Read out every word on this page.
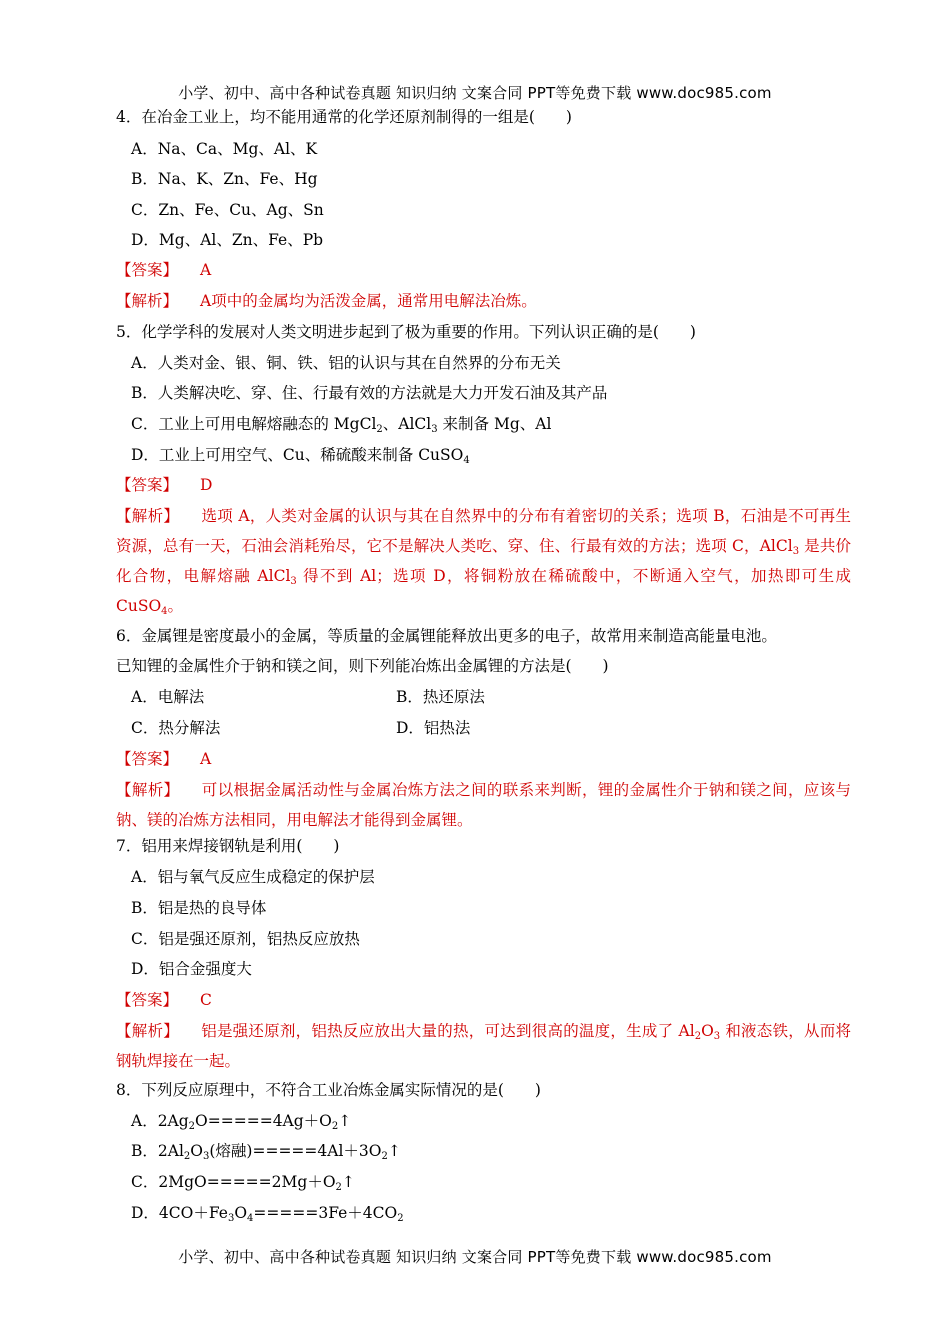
小学、初中、高中各种试卷真题 知识归纳 文案合同 PPT等免费下载 www.doc985.com
4．在冶金工业上，均不能用通常的化学还原剂制得的一组是(　　)
A．Na、Ca、Mg、Al、K
B．Na、K、Zn、Fe、Hg
C．Zn、Fe、Cu、Ag、Sn
D．Mg、Al、Zn、Fe、Pb
【答案】 A
【解析】 A项中的金属均为活泼金属，通常用电解法冶炼。
5．化学学科的发展对人类文明进步起到了极为重要的作用。下列认识正确的是(　　)
A．人类对金、银、铜、铁、铝的认识与其在自然界的分布无关
B．人类解决吃、穿、住、行最有效的方法就是大力开发石油及其产品
C．工业上可用电解熔融态的 MgCl$_2$、AlCl$_3$ 来制备 Mg、Al
D．工业上可用空气、Cu、稀硫酸来制备 CuSO$_4$
【答案】 D
【解析】 选项 A，人类对金属的认识与其在自然界中的分布有着密切的关系；选项 B，石油是不可再生资源，总有一天，石油会消耗殆尽，它不是解决人类吃、穿、住、行最有效的方法；选项 C，AlCl$_3$ 是共价化合物，电解熔融 AlCl$_3$ 得不到 Al；选项 D，将铜粉放在稀硫酸中，不断通入空气，加热即可生成 CuSO$_4$。
6．金属锂是密度最小的金属，等质量的金属锂能释放出更多的电子，故常用来制造高能量电池。
已知锂的金属性介于钠和镁之间，则下列能冶炼出金属锂的方法是(　　)
A．电解法	B．热还原法
C．热分解法	D．铝热法
【答案】 A
【解析】 可以根据金属活动性与金属冶炼方法之间的联系来判断，锂的金属性介于钠和镁之间，应该与钠、镁的冶炼方法相同，用电解法才能得到金属锂。
7．铝用来焊接钢轨是利用(　　)
A．铝与氧气反应生成稳定的保护层
B．铝是热的良导体
C．铝是强还原剂，铝热反应放热
D．铝合金强度大
【答案】 C
【解析】 铝是强还原剂，铝热反应放出大量的热，可达到很高的温度，生成了 $Al_2O_3$ 和液态铁，从而将钢轨焊接在一起。
8．下列反应原理中，不符合工业冶炼金属实际情况的是(　　)
A．$2Ag_2O=====4Ag+O_2↑$
B．$2Al_2O_3$(熔融)$=====4Al+3O_2↑$
C．$2MgO=====2Mg+O_2↑$
D．$4CO+Fe_3O_4=====3Fe+4CO_2$
小学、初中、高中各种试卷真题 知识归纳 文案合同 PPT等免费下载 www.doc985.com
